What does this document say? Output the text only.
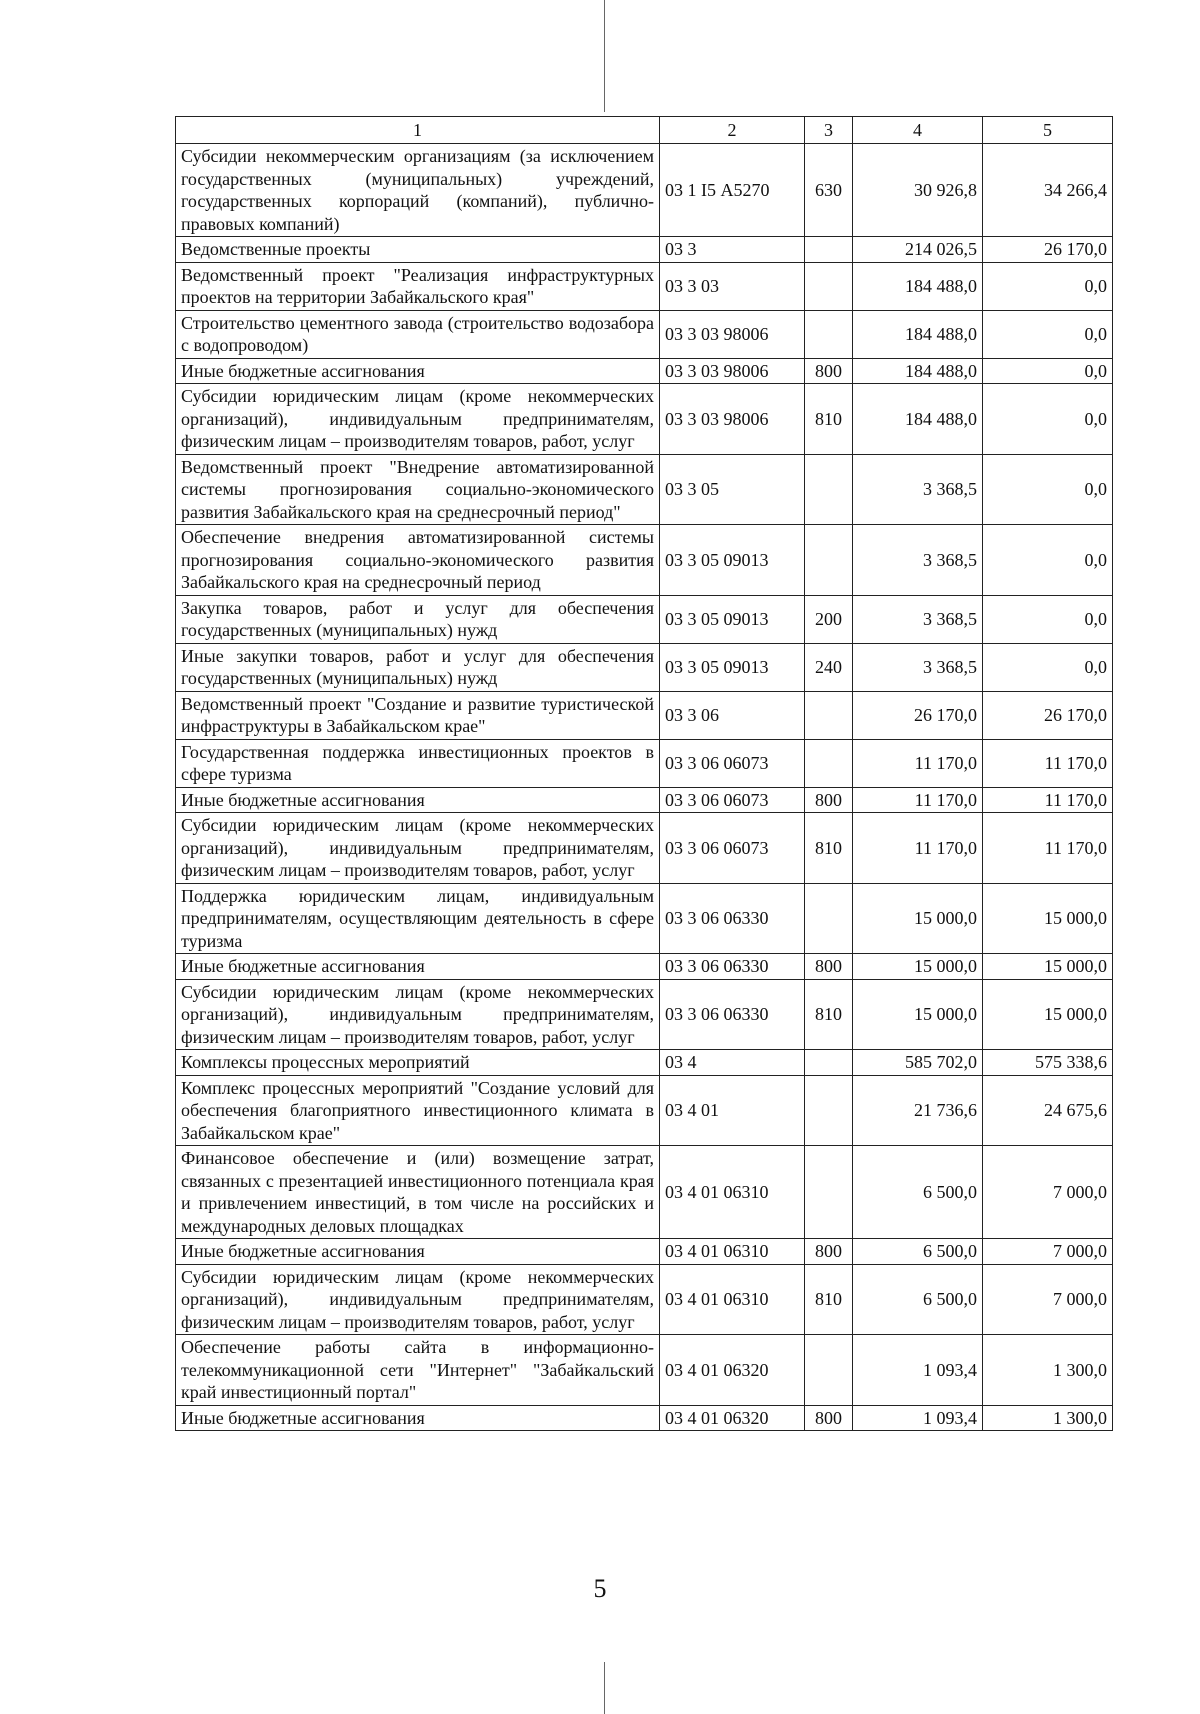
1	2	3	4	5
Субсидии некоммерческим организациям (за исключением государственных (муниципальных) учреждений, государственных корпораций (компаний), публично-правовых компаний)	03 1 I5 А5270	630	30 926,8	34 266,4
Ведомственные проекты	03 3		214 026,5	26 170,0
Ведомственный проект "Реализация инфраструктурных проектов на территории Забайкальского края"	03 3 03		184 488,0	0,0
Строительство цементного завода (строительство водозабора с водопроводом)	03 3 03 98006		184 488,0	0,0
Иные бюджетные ассигнования	03 3 03 98006	800	184 488,0	0,0
Субсидии юридическим лицам (кроме некоммерческих организаций), индивидуальным предпринимателям, физическим лицам – производителям товаров, работ, услуг	03 3 03 98006	810	184 488,0	0,0
Ведомственный проект "Внедрение автоматизированной системы прогнозирования социально-экономического развития Забайкальского края на среднесрочный период"	03 3 05		3 368,5	0,0
Обеспечение внедрения автоматизированной системы прогнозирования социально-экономического развития Забайкальского края на среднесрочный период	03 3 05 09013		3 368,5	0,0
Закупка товаров, работ и услуг для обеспечения государственных (муниципальных) нужд	03 3 05 09013	200	3 368,5	0,0
Иные закупки товаров, работ и услуг для обеспечения государственных (муниципальных) нужд	03 3 05 09013	240	3 368,5	0,0
Ведомственный проект "Создание и развитие туристической инфраструктуры в Забайкальском крае"	03 3 06		26 170,0	26 170,0
Государственная поддержка инвестиционных проектов в сфере туризма	03 3 06 06073		11 170,0	11 170,0
Иные бюджетные ассигнования	03 3 06 06073	800	11 170,0	11 170,0
Субсидии юридическим лицам (кроме некоммерческих организаций), индивидуальным предпринимателям, физическим лицам – производителям товаров, работ, услуг	03 3 06 06073	810	11 170,0	11 170,0
Поддержка юридическим лицам, индивидуальным предпринимателям, осуществляющим деятельность в сфере туризма	03 3 06 06330		15 000,0	15 000,0
Иные бюджетные ассигнования	03 3 06 06330	800	15 000,0	15 000,0
Субсидии юридическим лицам (кроме некоммерческих организаций), индивидуальным предпринимателям, физическим лицам – производителям товаров, работ, услуг	03 3 06 06330	810	15 000,0	15 000,0
Комплексы процессных мероприятий	03 4		585 702,0	575 338,6
Комплекс процессных мероприятий "Создание условий для обеспечения благоприятного инвестиционного климата в Забайкальском крае"	03 4 01		21 736,6	24 675,6
Финансовое обеспечение и (или) возмещение затрат, связанных с презентацией инвестиционного потенциала края и привлечением инвестиций, в том числе на российских и международных деловых площадках	03 4 01 06310		6 500,0	7 000,0
Иные бюджетные ассигнования	03 4 01 06310	800	6 500,0	7 000,0
Субсидии юридическим лицам (кроме некоммерческих организаций), индивидуальным предпринимателям, физическим лицам – производителям товаров, работ, услуг	03 4 01 06310	810	6 500,0	7 000,0
Обеспечение работы сайта в информационно-телекоммуникационной сети "Интернет" "Забайкальский край инвестиционный портал"	03 4 01 06320		1 093,4	1 300,0
Иные бюджетные ассигнования	03 4 01 06320	800	1 093,4	1 300,0
5
